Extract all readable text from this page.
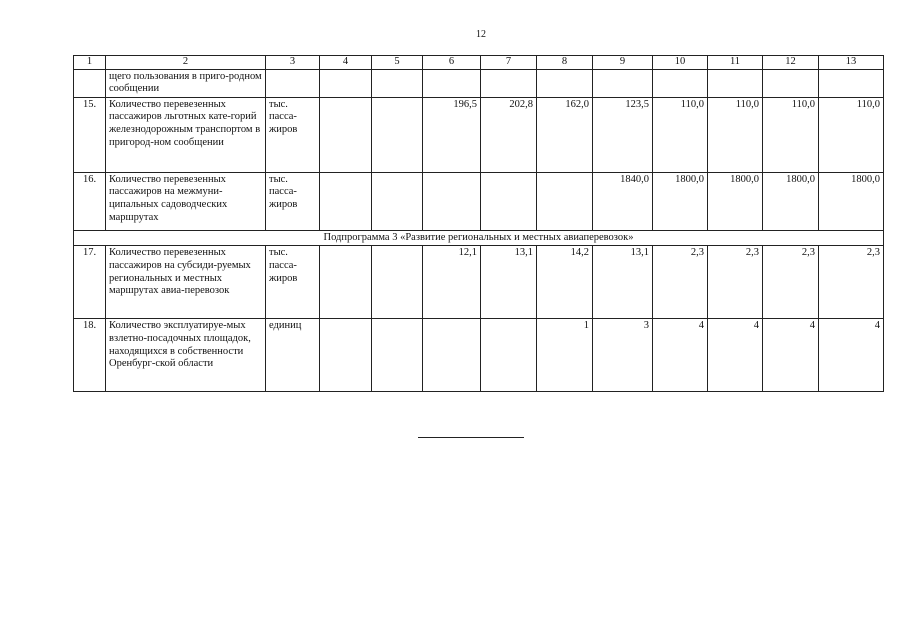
12
1	2	3	4	5	6	7	8	9	10	11	12	13
	щего пользования в приго-родном сообщении											
15.	Количество перевезенных пассажиров льготных кате-горий железнодорожным транспортом в пригород-ном сообщении	тыс. пасса-жиров			196,5	202,8	162,0	123,5	110,0	110,0	110,0	110,0
16.	Количество перевезенных пассажиров на межмуни-ципальных садоводческих маршрутах	тыс. пасса-жиров						1840,0	1800,0	1800,0	1800,0	1800,0
Подпрограмма 3 «Развитие региональных и местных авиаперевозок»												
17.	Количество перевезенных пассажиров на субсиди-руемых региональных и местных маршрутах авиа-перевозок	тыс. пасса-жиров			12,1	13,1	14,2	13,1	2,3	2,3	2,3	2,3
18.	Количество эксплуатируе-мых взлетно-посадочных площадок, находящихся в собственности Оренбург-ской области	единиц					1	3	4	4	4	4
